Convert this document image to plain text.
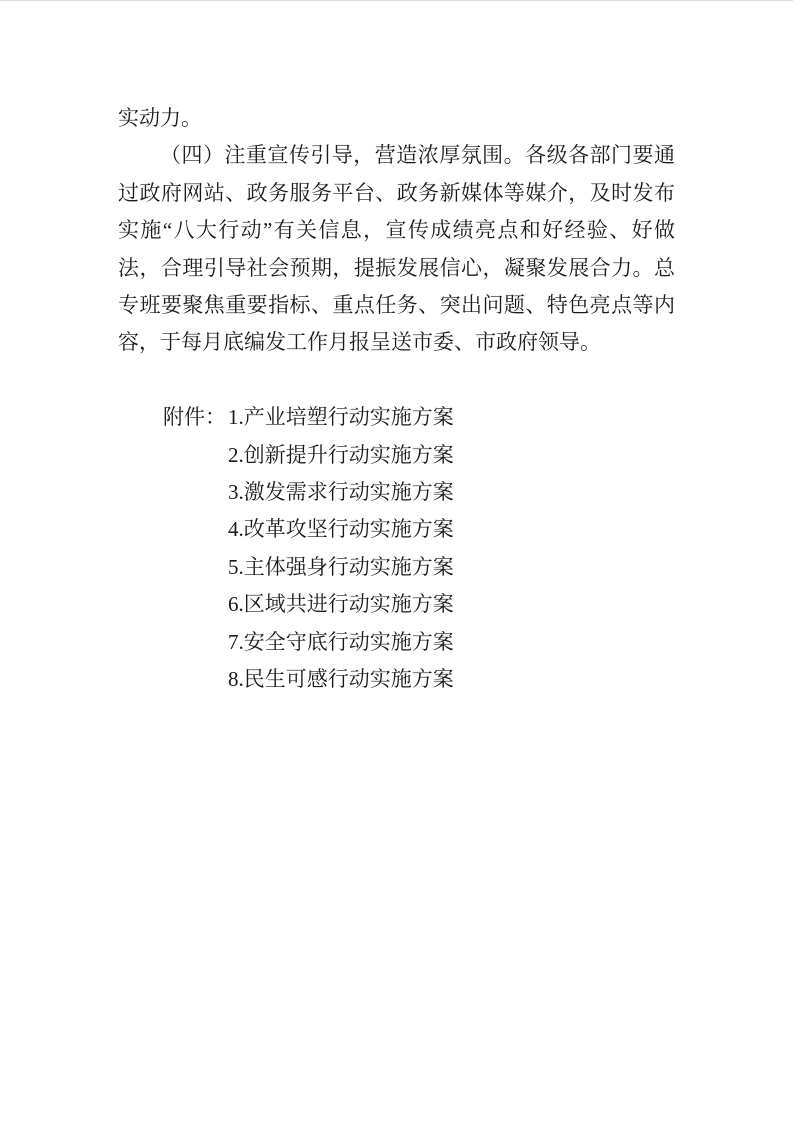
实动力。

（四）注重宣传引导，营造浓厚氛围。各级各部门要通过政府网站、政务服务平台、政务新媒体等媒介，及时发布实施“八大行动”有关信息，宣传成绩亮点和好经验、好做法，合理引导社会预期，提振发展信心，凝聚发展合力。总专班要聚焦重要指标、重点任务、突出问题、特色亮点等内容，于每月底编发工作月报呈送市委、市政府领导。

附件： 1.产业培塑行动实施方案
2.创新提升行动实施方案
3.激发需求行动实施方案
4.改革攻坚行动实施方案
5.主体强身行动实施方案
6.区域共进行动实施方案
7.安全守底行动实施方案
8.民生可感行动实施方案
